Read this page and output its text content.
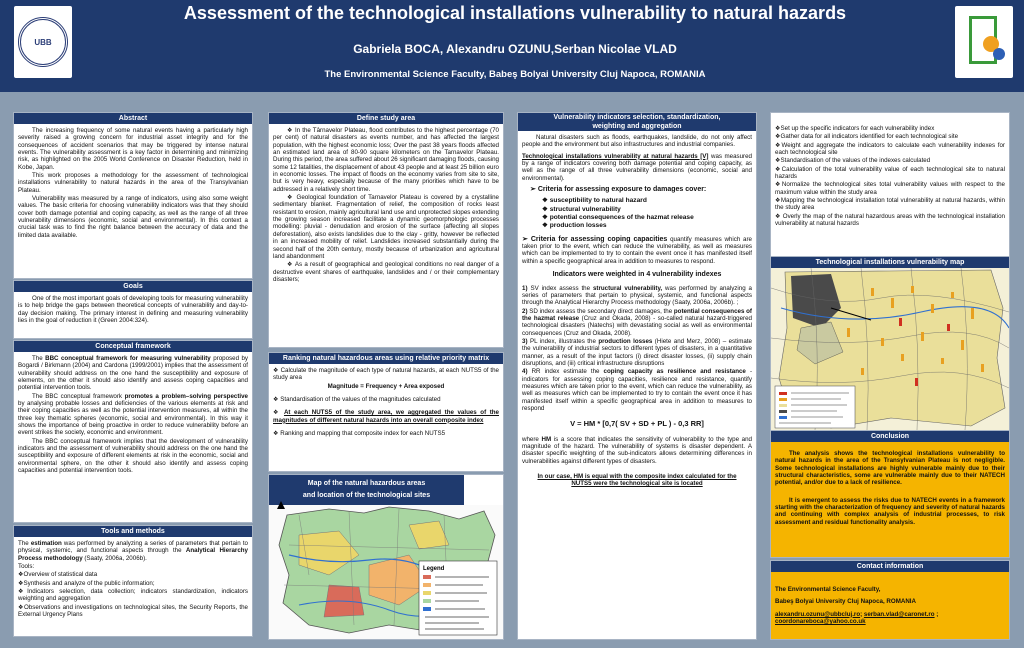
UBB
Assessment of the technological installations vulnerability to natural hazards
Gabriela BOCA, Alexandru OZUNU,Serban Nicolae VLAD
The Environmental Science Faculty, Babeş Bolyai University Cluj Napoca, ROMANIA
Abstract

The increasing frequency of some natural events having a particularly high severity raised a growing concern for industrial asset integrity and for the consequences of accident scenarios that may be triggered by intense natural events. The vulnerability assessment is a key factor in determining and minimizing risk, as highlighted on the 2005 World Conference on Disaster Reduction, held in Kobe, Japan.

This work proposes a methodology for the assessment of technological installations vulnerability to natural hazards in the area of the Transylvanian Plateau.

Vulnerability was measured by a range of indicators, using also some weight values. The basic criteria for choosing vulnerability indicators was that they should cover both damage potential and coping capacity, as well as the range of all three vulnerability dimensions (economic, social and environmental). In this context a crucial task was to find the right balance between the accuracy of data and the limited data available.

Goals

One of the most important goals of developing tools for measuring vulnerability is to help bridge the gaps between theoretical concepts of vulnerability and day-to-day decision making. The primary interest in defining and measuring vulnerability lies in the goal of reduction it (Green 2004:324).

Conceptual framework

The BBC conceptual framework for measuring vulnerability proposed by Bogardi / Birkmann (2004) and Cardona (1999/2001) implies that the assessment of vulnerability should address on the one hand the susceptibility and exposure of elements, on the other it should also identify and assess coping capacities and potential intervention tools.

The BBC conceptual framework promotes a problem–solving perspective by analysing probable losses and deficiencies of the various elements at risk and their coping capacities as well as the potential intervention measures, all within the three key thematic spheres (economic, social and environmental). In this way it shows the importance of being proactive in order to reduce vulnerability before an event strikes the society, economic and environment.

The BBC conceptual framework implies that the development of vulnerability indicators and the assessment of vulnerability should address on the one hand the susceptibility and exposure of different elements at risk in the economic, social and environmental sphere, on the other it should also identify and assess coping capacities and potential intervention tools.

Tools and methods

The estimation was performed by analyzing a series of parameters that pertain to physical, systemic, and functional aspects through the Analytical Hierarchy Process methodology (Saaty, 2006a, 2006b).

Tools:

❖Overview of statistical data

❖Synthesis and analyze of the public information;

❖Indicators selection, data collection; indicators standardization, indicators weighting and aggregation

❖Observations and investigations on technological sites, the Security Reports, the External Urgency Plans

Define study area

❖ In the Târnavelor Plateau, flood contributes to the highest percentage (70 per cent) of natural disasters as events number, and has affected the largest population, with the highest economic loss; Over the past 38 years floods affected an estimated land area of 80-90 square kilometers on the Tarnavelor Plateau. During this period, the area suffered about 26 significant damaging floods, causing some 12 fatalities, the displacement of about 43 people and at least 25 billion euro in economic losses. The impact of floods on the economy varies from site to site, but is very heavy, especially because of the many priorities which have to be addressed in a relatively short time.

❖ Geological foundation of Tarnavelor Plateau is covered by a crystalline sedimentary blanket. Fragmentation of relief, the composition of rocks least resistant to erosion, mainly agricultural land use and unprotected slopes extending the growing season increased facilitate a dynamic geomorphologic processes modelling: pluvial - denudation and erosion of the surface (affecting all slopes deforestation), also exists landslides due to the clay - gritty, however be reflected in an increased mobility of relief. Landslides increased substantially during the second half of the 20th century, mostly because of urbanization and agricultural land abandonment

❖ As a result of geographical and geological conditions no real danger of a destructive event shares of earthquake, landslides and / or their complementary disasters;

Ranking natural hazardous areas using relative priority matrix

❖ Calculate the magnitude of each type of natural hazards, at each NUTS5 of the study area

Magnitude = Frequency + Area exposed

❖ Standardisation of the values of the magnitudes calculated

❖ At each NUTS5 of the study area, we aggregated the values of the magnitudes of different natural hazards into an overall composite index

❖ Ranking and mapping that composite index for each NUTS5

Map of the natural hazardous areas
and location of the technological sites
Legend
Vulnerability indicators selection, standardization, weighting and aggregation

Natural disasters such as floods, earthquakes, landslide, do not only affect people and the environment but also infrastructures and industrial companies.

Technological installations vulnerability at natural hazards [V] was measured by a range of indicators covering both damage potential and coping capacity, as well as the range of all three vulnerability dimensions (economic, social and environmental).

➢ Criteria for assessing exposure to damages cover:

❖ susceptibility to natural hazard

❖ structural vulnerability

❖ potential consequences of the hazmat release

❖ production losses

➢ Criteria for assessing coping capacities quantify measures which are taken prior to the event, which can reduce the vulnerability, as well as measures which can be implemented to try to contain the event once it has manifested itself within a specific geographical area in addition to measures to respond.

Indicators were weighted in 4 vulnerability indexes

1) SV index assess the structural vulnerability, was performed by analyzing a series of parameters that pertain to physical, systemic, and functional aspects through the Analytical Hierarchy Process methodology (Saaty, 2006a, 2006b). ;

2) SD index assess the secondary direct damages, the potential consequences of the hazmat release (Cruz and Okada, 2008) - so-called natural hazard-triggered technological disasters (Natechs) with devastating social as well as environmental consequences (Cruz and Okada, 2008).

3) PL index, illustrates the production losses (Hiete and Merz, 2008) – estimate the vulnerability of industrial sectors to different types of disasters, in a quantitative manner, as a result of the input factors (i) direct disaster losses, (ii) supply chain disruptions, and (iii) critical infrastructure disruptions

4) RR index estimate the coping capacity as resilience and resistance - indicators for assessing coping capacities, resilience and resistance, quantify measures which are taken prior to the event, which can reduce the vulnerability, as well as measures which can be implemented to try to contain the event once it has manifested itself within a specific geographical area in addition to measures to respond

V = HM * [0,7( SV + SD + PL ) - 0,3 RR]

where HM is a score that indicates the sensitivity of vulnerability to the type and magnitude of the hazard. The vulnerability of systems is disaster dependent. A disaster specific weighting of the sub-indicators allows determining differences in vulnerabilities against different types of disasters.

In our case, HM is equal with the composite index calculated for the NUTS5 were the technological site is located

❖Set up the specific indicators for each vulnerability index

❖Gather data for all indicators identified for each technological site

❖Weight and aggregate the indicators to calculate each vulnerability indexes for each technological site

❖Standardisation of the values of the indexes calculated

❖Calculation of the total vulnerability value of each technological site to natural hazards

❖Normalize the technological sites total vulnerability values with respect to the maximum value within the study area

❖Mapping the technological installation total vulnerability at natural hazards, within the study area

❖ Overly the map of the natural hazardous areas with the technological installation vulnerability at natural hazards

Technological installations vulnerability map
Conclusion

The analysis shows the technological installations vulnerability to natural hazards in the area of the Transylvanian Plateau is not negligible. Some technological installations are highly vulnerable mainly due to their structural characteristics, some are vulnerable mainly due to their NATECH potential, and/or due to a lack of resilience.

It is emergent to assess the risks due to NATECH events in a framework starting with the characterization of frequency and severity of natural hazards and continuing with complex analysis of industrial processes, to risk assessment and residual functionality analysis.

Contact information

The Environmental Science Faculty,

Babeş Bolyai University Cluj Napoca, ROMANIA

alexandru.ozunu@ubbcluj.ro; serban.vlad@caronet.ro ;
coordonareboca@yahoo.co.uk
